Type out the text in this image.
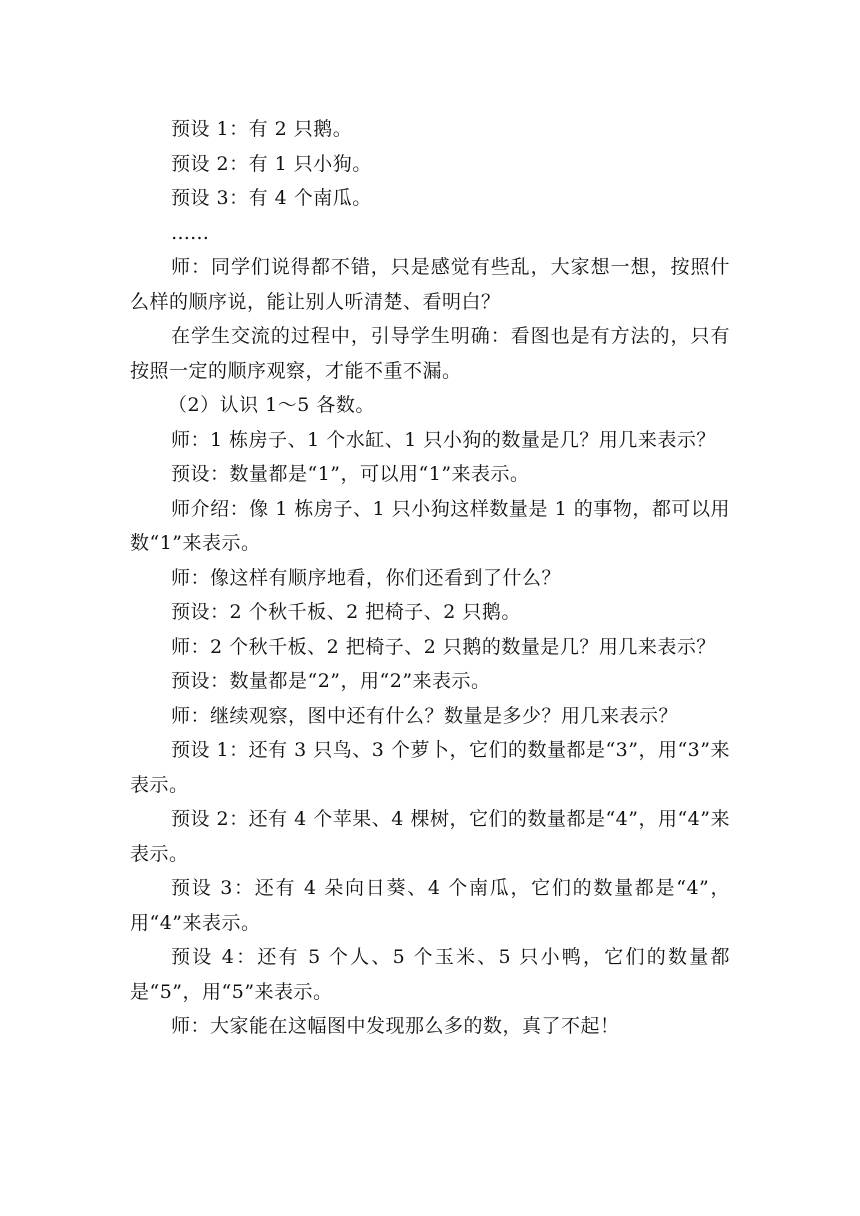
预设 1：有 2 只鹅。

预设 2：有 1 只小狗。

预设 3：有 4 个南瓜。

……

师：同学们说得都不错，只是感觉有些乱，大家想一想，按照什么样的顺序说，能让别人听清楚、看明白？

在学生交流的过程中，引导学生明确：看图也是有方法的，只有按照一定的顺序观察，才能不重不漏。

（2）认识 1～5 各数。

师：1 栋房子、1 个水缸、1 只小狗的数量是几？用几来表示？

预设：数量都是“1”，可以用“1”来表示。

师介绍：像 1 栋房子、1 只小狗这样数量是 1 的事物，都可以用数“1”来表示。

师：像这样有顺序地看，你们还看到了什么？

预设：2 个秋千板、2 把椅子、2 只鹅。

师：2 个秋千板、2 把椅子、2 只鹅的数量是几？用几来表示？

预设：数量都是“2”，用“2”来表示。

师：继续观察，图中还有什么？数量是多少？用几来表示？

预设 1：还有 3 只鸟、3 个萝卜，它们的数量都是“3”，用“3”来表示。

预设 2：还有 4 个苹果、4 棵树，它们的数量都是“4”，用“4”来表示。

预设 3：还有 4 朵向日葵、4 个南瓜，它们的数量都是“4”，用“4”来表示。

预设 4：还有 5 个人、5 个玉米、5 只小鸭，它们的数量都是“5”，用“5”来表示。

师：大家能在这幅图中发现那么多的数，真了不起！
